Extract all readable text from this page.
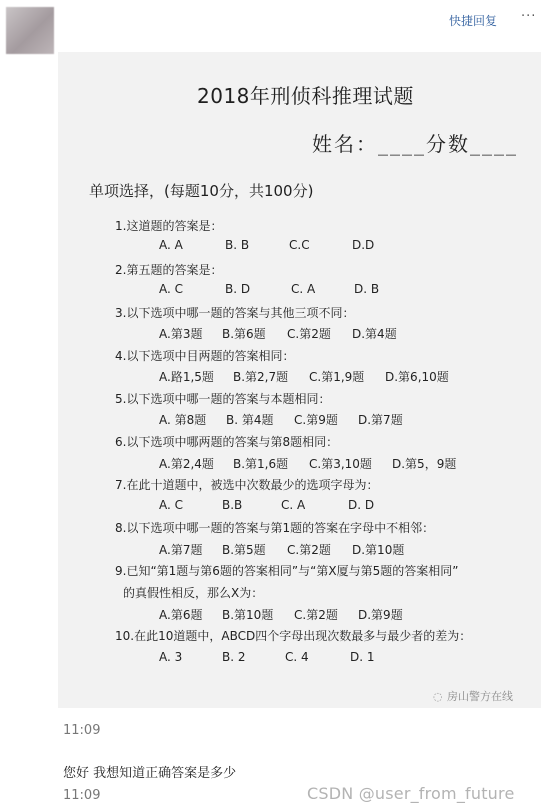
快捷回复 ···
2018年刑侦科推理试题
姓名：____分数____
单项选择，(每题10分，共100分)
1.这道题的答案是：
A. A	B. B	C.C	D.D
2.第五题的答案是：
A. C	B. D	C. A	D. B
3.以下选项中哪一题的答案与其他三项不同：
A.第3题 B.第6题 C.第2题 D.第4题
4.以下选项中目两题的答案相同：
A.路1,5题 B.第2,7题 C.第1,9题 D.第6,10题
5.以下选项中哪一题的答案与本题相同：
A. 第8题 B. 第4题 C.第9题 D.第7题
6.以下选项中哪两题的答案与第8题相同：
A.第2,4题 B.第1,6题 C.第3,10题 D.第5，9题
7.在此十道题中，被选中次数最少的选项字母为：
A. C	B.B	C. A	D. D
8.以下选项中哪一题的答案与第1题的答案在字母中不相邻：
A.第7题 B.第5题 C.第2题 D.第10题
9.已知“第1题与第6题的答案相同”与“第X厦与第5题的答案相同”
的真假性相反，那么X为：
A.第6题 B.第10题 C.第2题 D.第9题
10.在此10道题中，ABCD四个字母出现次数最多与最少者的差为：
A. 3	B. 2	C. 4	D. 1
◌ 房山警方在线
11:09
您好 我想知道正确答案是多少
11:09	CSDN @user_from_future
